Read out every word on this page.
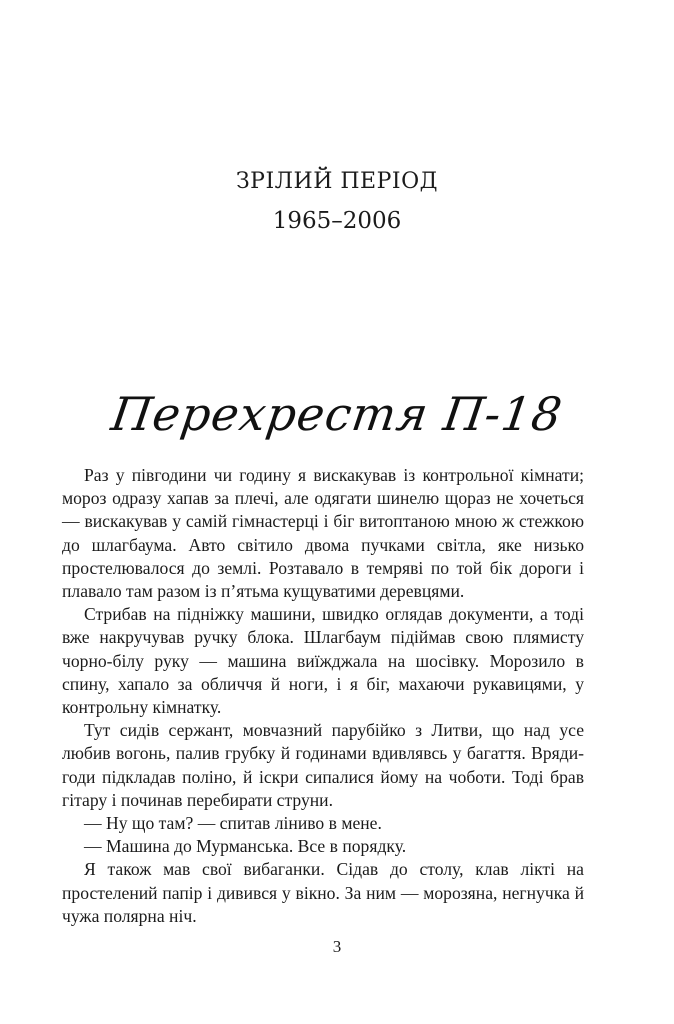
ЗРІЛИЙ ПЕРІОД
1965–2006
Перехрестя П-18

Раз у півгодини чи годину я вискакував із контрольної кімнати; мороз одразу хапав за плечі, але одягати шинелю щораз не хочеться — вискакував у самій гімнастерці і біг витоптаною мною ж стежкою до шлагбаума. Авто світило двома пучками світла, яке низько простелювалося до землі. Розтавало в темряві по той бік дороги і плавало там разом із п’ятьма кущуватими деревцями.

Стрибав на підніжку машини, швидко оглядав документи, а тоді вже накручував ручку блока. Шлагбаум підіймав свою плямисту чорно-білу руку — машина виїжджала на шосівку. Морозило в спину, хапало за обличчя й ноги, і я біг, махаючи рукавицями, у контрольну кімнатку.

Тут сидів сержант, мовчазний парубійко з Литви, що над усе любив вогонь, палив грубку й годинами вдивлявсь у багаття. Вряди-годи підкладав поліно, й іскри сипалися йому на чоботи. Тоді брав гітару і починав перебирати струни.

— Ну що там? — спитав ліниво в мене.

— Машина до Мурманська. Все в порядку.

Я також мав свої вибаганки. Сідав до столу, клав лікті на простелений папір і дивився у вікно. За ним — морозяна, негнучка й чужа полярна ніч.

3
